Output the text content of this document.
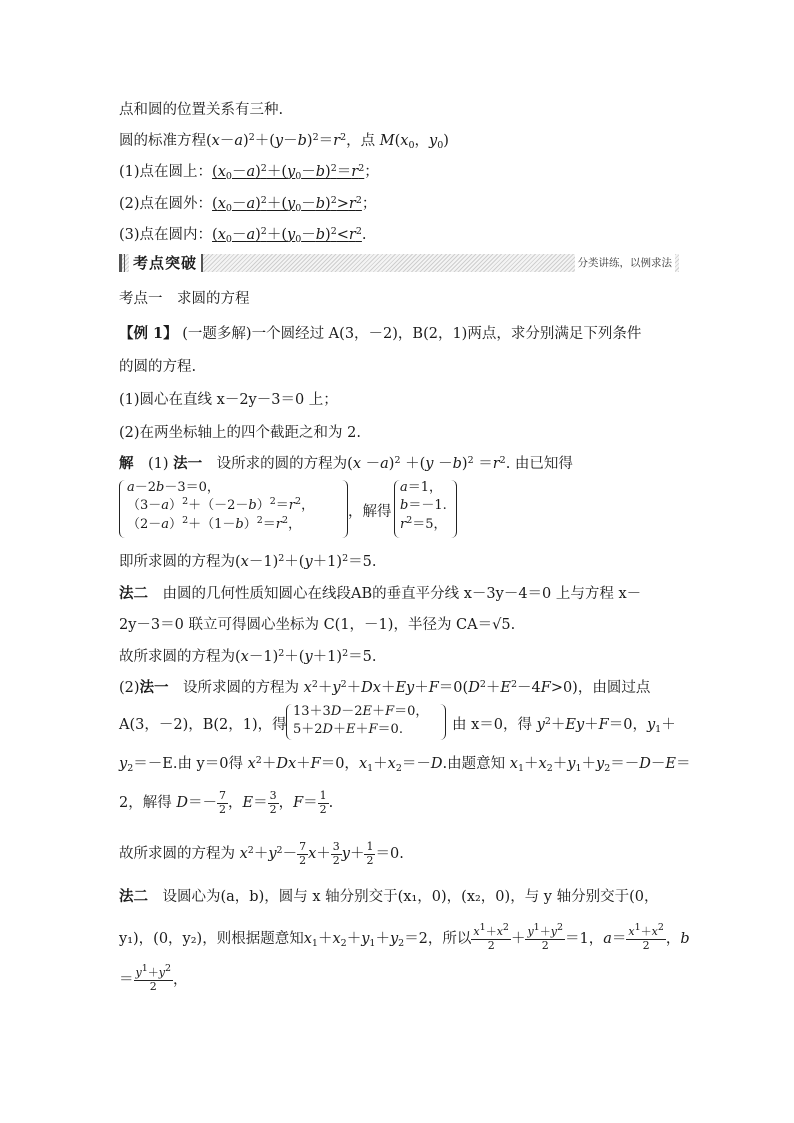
点和圆的位置关系有三种.
圆的标准方程$(x-a)^2+(y-b)^2=r^2$，点 $M(x_0$，$y_0$)
(1)点在圆上：$(x_0-a)^2+(y_0-b)^2=r^2$；
(2)点在圆外：$(x_0-a)^2+(y_0-b)^2>r^2$；
(3)点在圆内：$(x_0-a)^2+(y_0-b)^2<r^2$.
考点突破	分类讲练，以例求法
考点一　求圆的方程
【例 1】 (一题多解)一个圆经过 A(3，－2)，B(2，1)两点，求分别满足下列条件
的圆的方程.
(1)圆心在直线 x－2y－3＝0 上；
(2)在两坐标轴上的四个截距之和为 2.
解　 (1) 法一　 设所求的圆的方程为$(x -a)^2 +(y -b)^2 =r^2$. 由已知得
a－2b－3＝0，
$(3-a)^2+(-2-b)^2=r^2$，
$(2-a)^2+(1-b)^2=r^2$，
，解得
a＝1，
b＝－1.
$r^2=5$，
即所求圆的方程为$(x-1)^2+(y+1)^2=5$.
法二　 由圆的几何性质知圆心在线段AB的垂直平分线 x－3y－4＝0 上与方程 x－
2y－3＝0 联立可得圆心坐标为 C(1，－1)，半径为 CA＝√5.
故所求圆的方程为$(x-1)^2+(y+1)^2=5$.
(2)法一　 设所求圆的方程为 $x^2+y^2+Dx+Ey+F=0(D^2+E^2-4F>0)$，由圆过点
A(3，－2)，B(2，1)，得
13＋3D－2E＋F＝0，
5＋2D＋E＋F＝0.	由 x＝0，得 $y^2+Ey+F=0$，$y_1+$
$y_2=-E$.由 y＝0得 $x^2+Dx+F=0$，$x_1+x_2=-D$.由题意知 $x_1+x_2+y_1+y_2=-D-E=$
2，解得 $D=- \frac{7}{2}$ ，$E= \frac{3}{2}$ ，$F= \frac{1}{2}$ .
故所求圆的方程为 $x^2+y^2- \frac{7}{2} x+ \frac{3}{2} y+ \frac{1}{2} =0$.
法二　 设圆心为(a，b)，圆与 x 轴分别交于(x₁，0)，(x₂，0)，与 y 轴分别交于(0，
y₁)，(0，y₂)，则根据题意知$x_1+x_2+y_1+y_2=2$，所以 $\frac{x^1+x^2}{2} + \frac{y^1+y^2}{2} =1$，$a= \frac{x^1+x^2}{2}$ ，b
＝ $\frac{y^1+y^2}{2}$ ，
